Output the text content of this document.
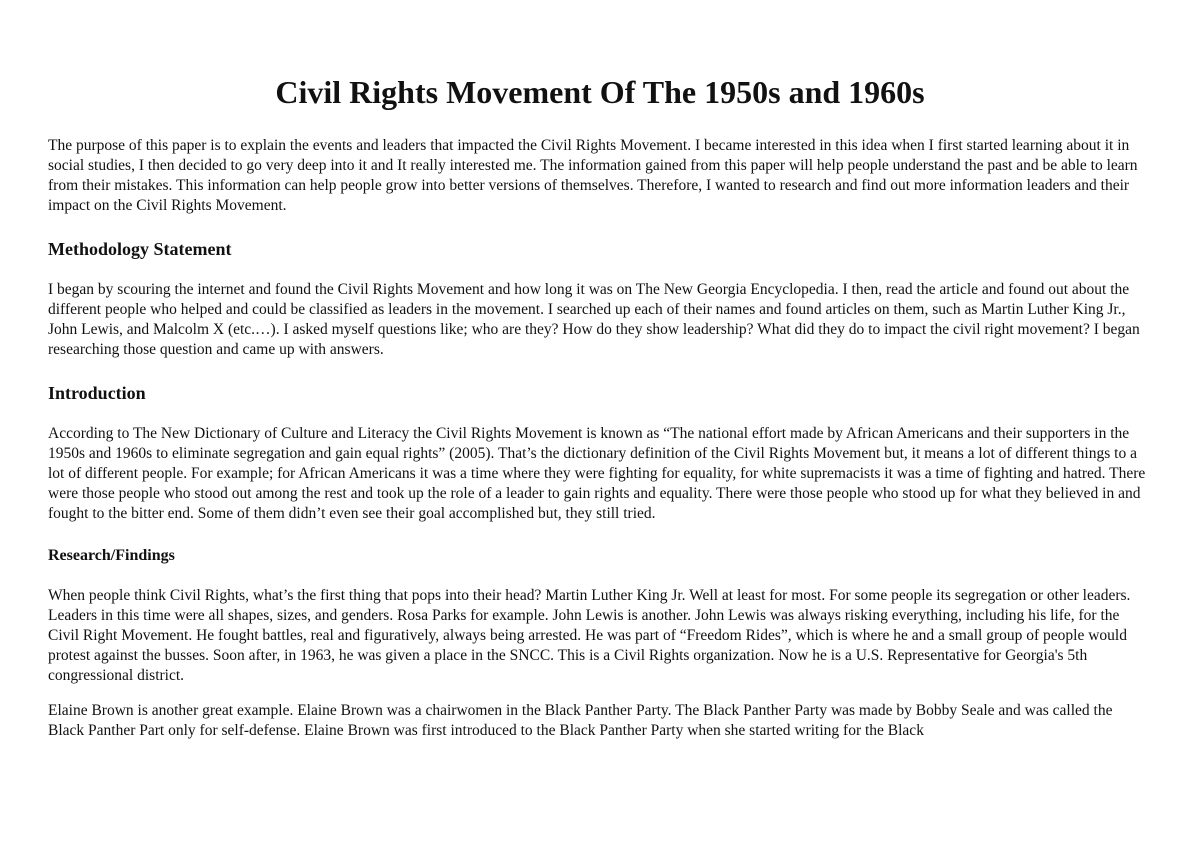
Civil Rights Movement Of The 1950s and 1960s

The purpose of this paper is to explain the events and leaders that impacted the Civil Rights Movement. I became interested in this idea when I first started learning about it in social studies, I then decided to go very deep into it and It really interested me. The information gained from this paper will help people understand the past and be able to learn from their mistakes. This information can help people grow into better versions of themselves. Therefore, I wanted to research and find out more information leaders and their impact on the Civil Rights Movement.

Methodology Statement

I began by scouring the internet and found the Civil Rights Movement and how long it was on The New Georgia Encyclopedia. I then, read the article and found out about the different people who helped and could be classified as leaders in the movement. I searched up each of their names and found articles on them, such as Martin Luther King Jr., John Lewis, and Malcolm X (etc.…). I asked myself questions like; who are they? How do they show leadership? What did they do to impact the civil right movement? I began researching those question and came up with answers.

Introduction

According to The New Dictionary of Culture and Literacy the Civil Rights Movement is known as “The national effort made by African Americans and their supporters in the 1950s and 1960s to eliminate segregation and gain equal rights” (2005). That’s the dictionary definition of the Civil Rights Movement but, it means a lot of different things to a lot of different people. For example; for African Americans it was a time where they were fighting for equality, for white supremacists it was a time of fighting and hatred. There were those people who stood out among the rest and took up the role of a leader to gain rights and equality. There were those people who stood up for what they believed in and fought to the bitter end. Some of them didn’t even see their goal accomplished but, they still tried.

Research/Findings

When people think Civil Rights, what’s the first thing that pops into their head? Martin Luther King Jr. Well at least for most. For some people its segregation or other leaders. Leaders in this time were all shapes, sizes, and genders. Rosa Parks for example. John Lewis is another. John Lewis was always risking everything, including his life, for the Civil Right Movement. He fought battles, real and figuratively, always being arrested. He was part of “Freedom Rides”, which is where he and a small group of people would protest against the busses. Soon after, in 1963, he was given a place in the SNCC. This is a Civil Rights organization. Now he is a U.S. Representative for Georgia's 5th congressional district.

Elaine Brown is another great example. Elaine Brown was a chairwomen in the Black Panther Party. The Black Panther Party was made by Bobby Seale and was called the Black Panther Part only for self-defense. Elaine Brown was first introduced to the Black Panther Party when she started writing for the Black
